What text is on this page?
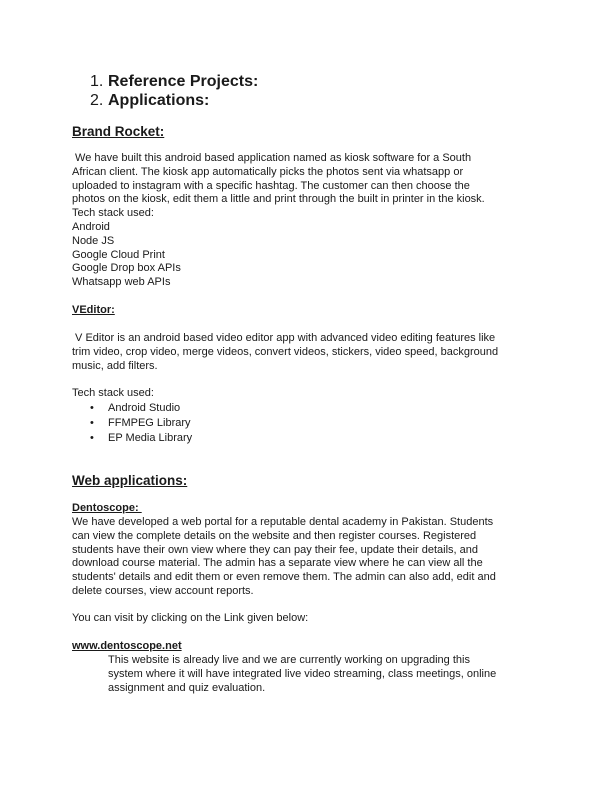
1. Reference Projects:
2. Applications:
Brand Rocket:
We have built this android based application named as kiosk software for a South
African client. The kiosk app automatically picks the photos sent via whatsapp or
uploaded to instagram with a specific hashtag. The customer can then choose the
photos on the kiosk, edit them a little and print through the built in printer in the kiosk.
Tech stack used:
Android
Node JS
Google Cloud Print
Google Drop box APIs
Whatsapp web APIs
VEditor:
V Editor is an android based video editor app with advanced video editing features like
trim video, crop video, merge videos, convert videos, stickers, video speed, background
music, add filters.
Tech stack used:
• Android Studio
• FFMPEG Library
• EP Media Library
Web applications:
Dentoscope:
We have developed a web portal for a reputable dental academy in Pakistan. Students
can view the complete details on the website and then register courses. Registered
students have their own view where they can pay their fee, update their details, and
download course material. The admin has a separate view where he can view all the
students' details and edit them or even remove them. The admin can also add, edit and
delete courses, view account reports.
You can visit by clicking on the Link given below:
www.dentoscope.net
This website is already live and we are currently working on upgrading this
system where it will have integrated live video streaming, class meetings, online
assignment and quiz evaluation.
